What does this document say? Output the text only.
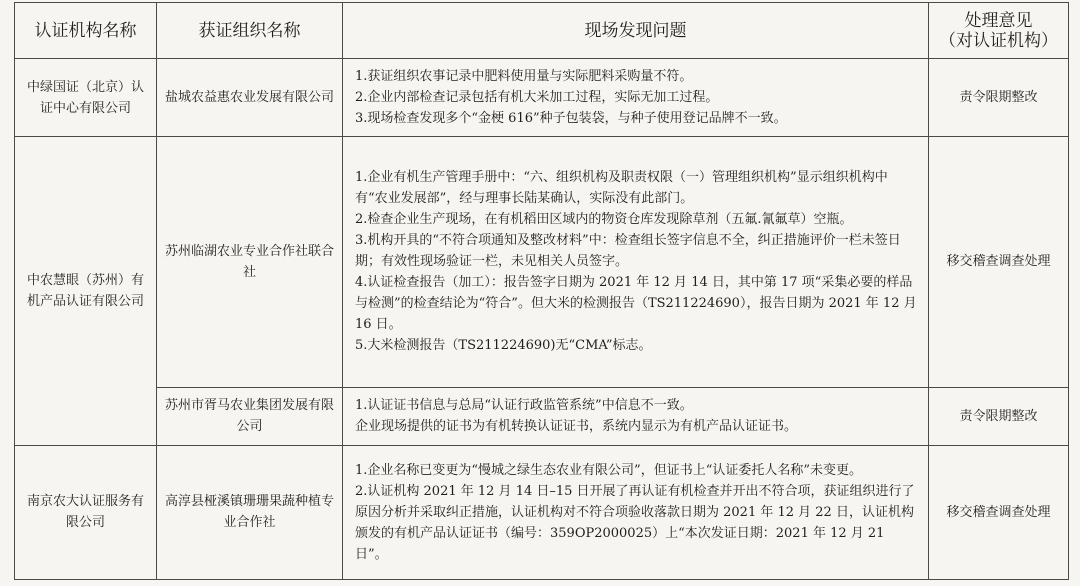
认证机构名称	获证组织名称	现场发现问题	处理意见
（对认证机构）

中绿国证（北京）认证中心有限公司	盐城农益惠农业发展有限公司	1.获证组织农事记录中肥料使用量与实际肥料采购量不符。

2.企业内部检查记录包括有机大米加工过程，实际无加工过程。

3.现场检查发现多个“金梗 616”种子包装袋，与种子使用登记品牌不一致。	责令限期整改
中农慧眼（苏州）有机产品认证有限公司	苏州临湖农业专业合作社联合社	1.企业有机生产管理手册中：“六、组织机构及职责权限（一）管理组织机构”显示组织机构中有“农业发展部”，经与理事长陆某确认，实际没有此部门。

2.检查企业生产现场，在有机稻田区域内的物资仓库发现除草剂（五氟.氰氟草）空瓶。

3.机构开具的“不符合项通知及整改材料”中：检查组长签字信息不全，纠正措施评价一栏未签日期；有效性现场验证一栏，未见相关人员签字。

4.认证检查报告（加工）：报告签字日期为 2021 年 12 月 14 日，其中第 17 项“采集必要的样品与检测”的检查结论为“符合”。但大米的检测报告（TS211224690），报告日期为 2021 年 12 月 16 日。

5.大米检测报告（TS211224690)无“CMA”标志。	移交稽查调查处理
	苏州市胥马农业集团发展有限公司	1.认证证书信息与总局“认证行政监管系统”中信息不一致。

企业现场提供的证书为有机转换认证证书，系统内显示为有机产品认证证书。	责令限期整改
南京农大认证服务有限公司	高淳县桠溪镇珊珊果蔬种植专业合作社	1.企业名称已变更为“慢城之绿生态农业有限公司”，但证书上“认证委托人名称”未变更。

2.认证机构 2021 年 12 月 14 日–15 日开展了再认证有机检查并开出不符合项，获证组织进行了原因分析并采取纠正措施，认证机构对不符合项验收落款日期为 2021 年 12 月 22 日，认证机构颁发的有机产品认证证书（编号：359OP2000025）上“本次发证日期：2021 年 12 月 21 日”。	移交稽查调查处理
